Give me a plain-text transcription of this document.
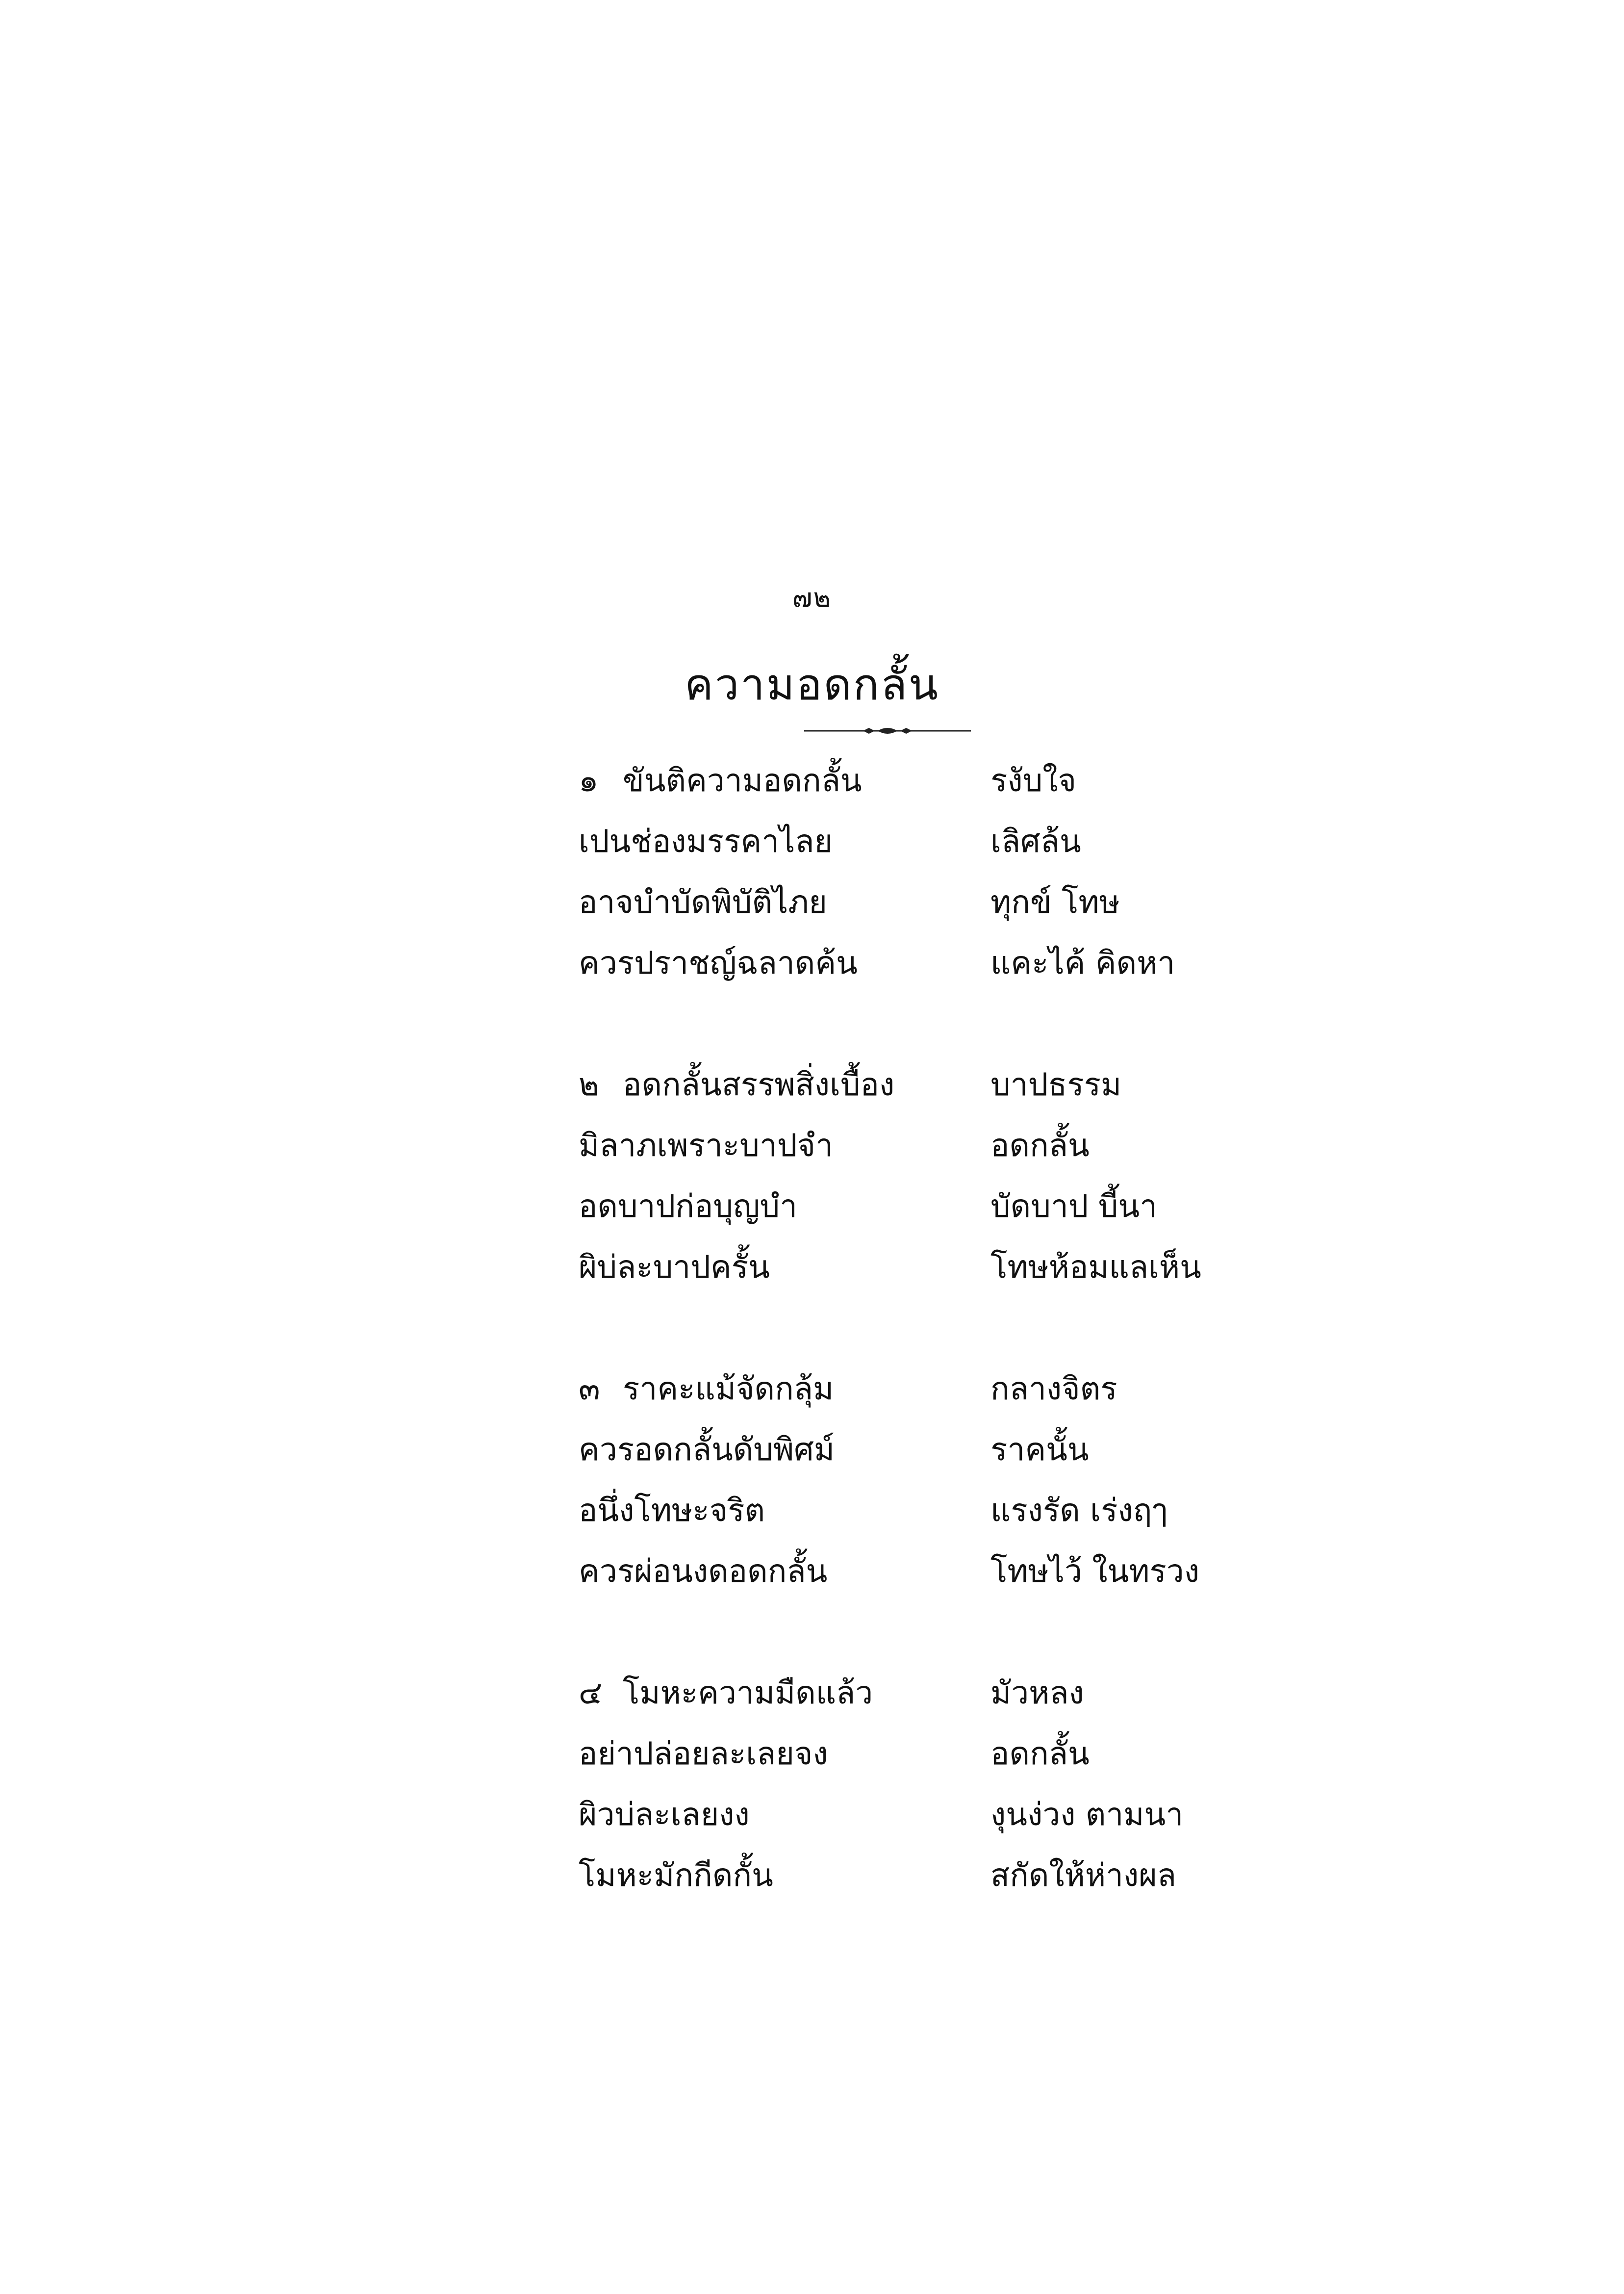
๗๒
ความอดกลั้น
๑ ขันติความอดกลั้น	รงับใจ
เปนช่องมรรคาไลย	เลิศล้น
อาจบำบัดพิบัติไภย	ทุกข์ โทษ
ควรปราชญ์ฉลาดค้น	แคะไค้ คิดหา
๒ อดกลั้นสรรพสิ่งเบื้อง	บาปธรรม
มิลาภเพราะบาปจำ	อดกลั้น
อดบาปก่อบุญบำ	บัดบาป บี้นา
ผิบ่ละบาปครั้น	โทษห้อมแลเห็น
๓ ราคะแม้จัดกลุ้ม	กลางจิตร
ควรอดกลั้นดับพิศม์	ราคนั้น
อนึ่งโทษะจริต	แรงรัด เร่งฤๅ
ควรผ่อนงดอดกลั้น	โทษไว้ ในทรวง
๔ โมหะความมืดแล้ว	มัวหลง
อย่าปล่อยละเลยจง	อดกลั้น
ผิวบ่ละเลยงง	งุนง่วง ตามนา
โมหะมักกีดกั้น	สกัดให้ห่างผล
